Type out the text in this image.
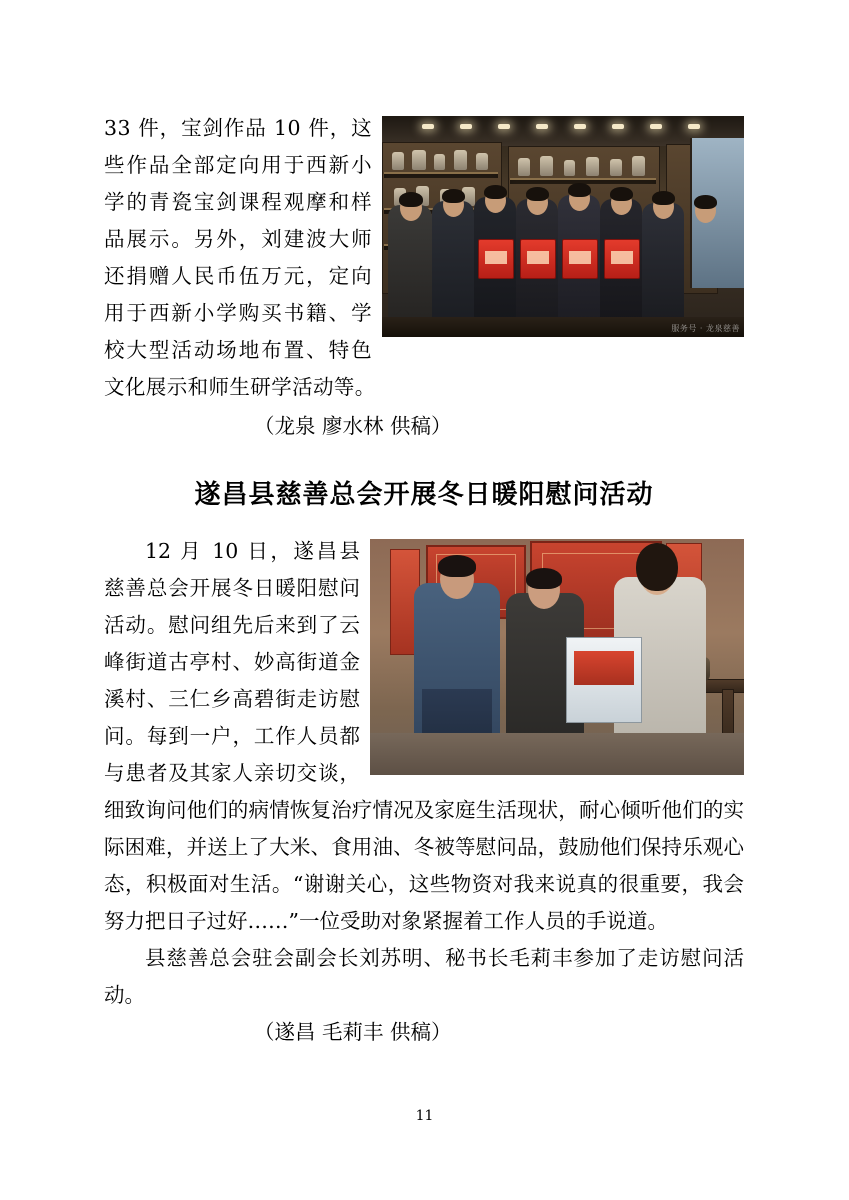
服务号 · 龙泉慈善

33 件，宝剑作品 10 件，这些作品全部定向用于西新小学的青瓷宝剑课程观摩和样品展示。另外，刘建波大师还捐赠人民币伍万元，定向用于西新小学购买书籍、学校大型活动场地布置、特色文化展示和师生研学活动等。

（龙泉 廖水林 供稿）
遂昌县慈善总会开展冬日暖阳慰问活动

12 月 10 日，遂昌县慈善总会开展冬日暖阳慰问活动。慰问组先后来到了云峰街道古亭村、妙高街道金溪村、三仁乡高碧街走访慰问。每到一户，工作人员都与患者及其家人亲切交谈，细致询问他们的病情恢复治疗情况及家庭生活现状，耐心倾听他们的实际困难，并送上了大米、食用油、冬被等慰问品，鼓励他们保持乐观心态，积极面对生活。“谢谢关心，这些物资对我来说真的很重要，我会努力把日子过好……”一位受助对象紧握着工作人员的手说道。

县慈善总会驻会副会长刘苏明、秘书长毛莉丰参加了走访慰问活动。

（遂昌 毛莉丰 供稿）
11
